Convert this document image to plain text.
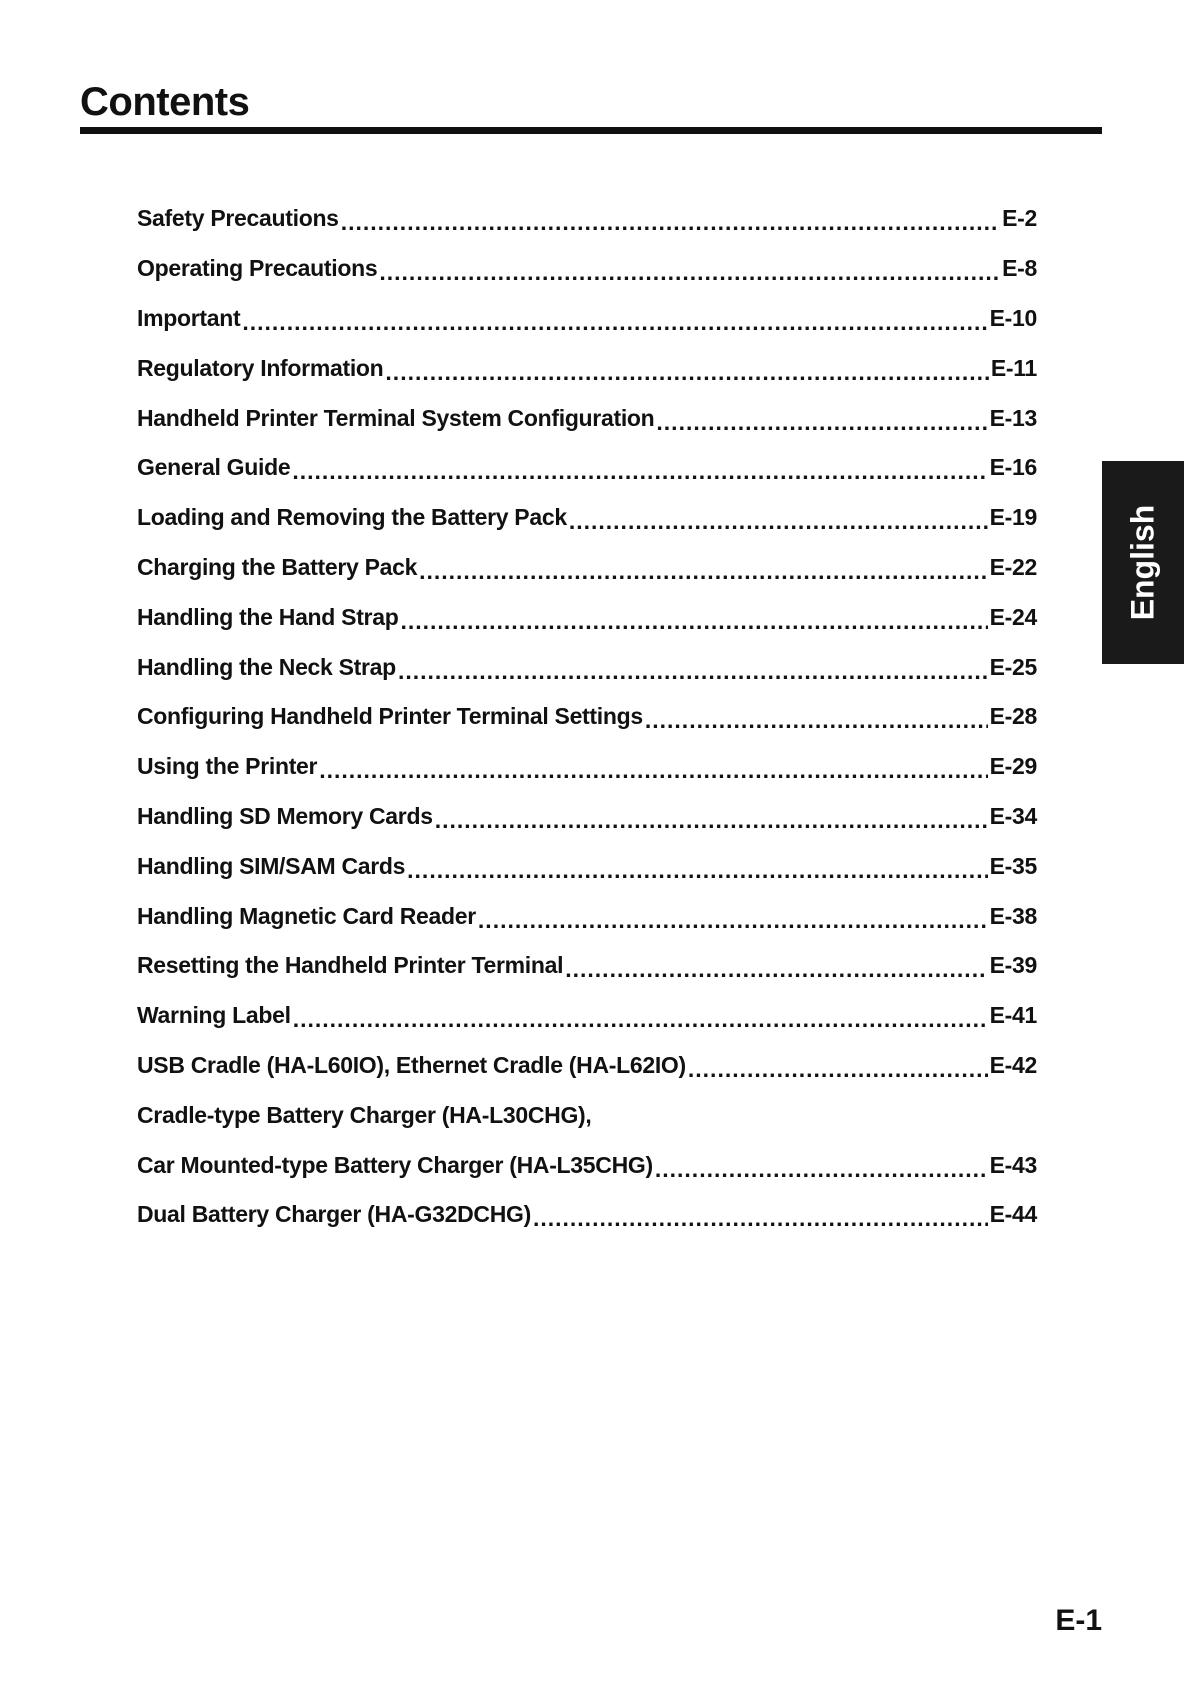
Contents
Safety Precautions .....	E-2
Operating Precautions .....	E-8
Important .....	E-10
Regulatory Information .....	E-11
Handheld Printer Terminal System Configuration .....	E-13
General Guide .....	E-16
Loading and Removing the Battery Pack .....	E-19
Charging the Battery Pack .....	E-22
Handling the Hand Strap .....	E-24
Handling the Neck Strap .....	E-25
Configuring Handheld Printer Terminal Settings .....	E-28
Using the Printer .....	E-29
Handling SD Memory Cards .....	E-34
Handling SIM/SAM Cards .....	E-35
Handling Magnetic Card Reader .....	E-38
Resetting the Handheld Printer Terminal .....	E-39
Warning Label .....	E-41
USB Cradle (HA-L60IO), Ethernet Cradle (HA-L62IO) .....	E-42
Cradle-type Battery Charger (HA-L30CHG),
Car Mounted-type Battery Charger (HA-L35CHG) .....	E-43
Dual Battery Charger (HA-G32DCHG) .....	E-44
English
E-1
